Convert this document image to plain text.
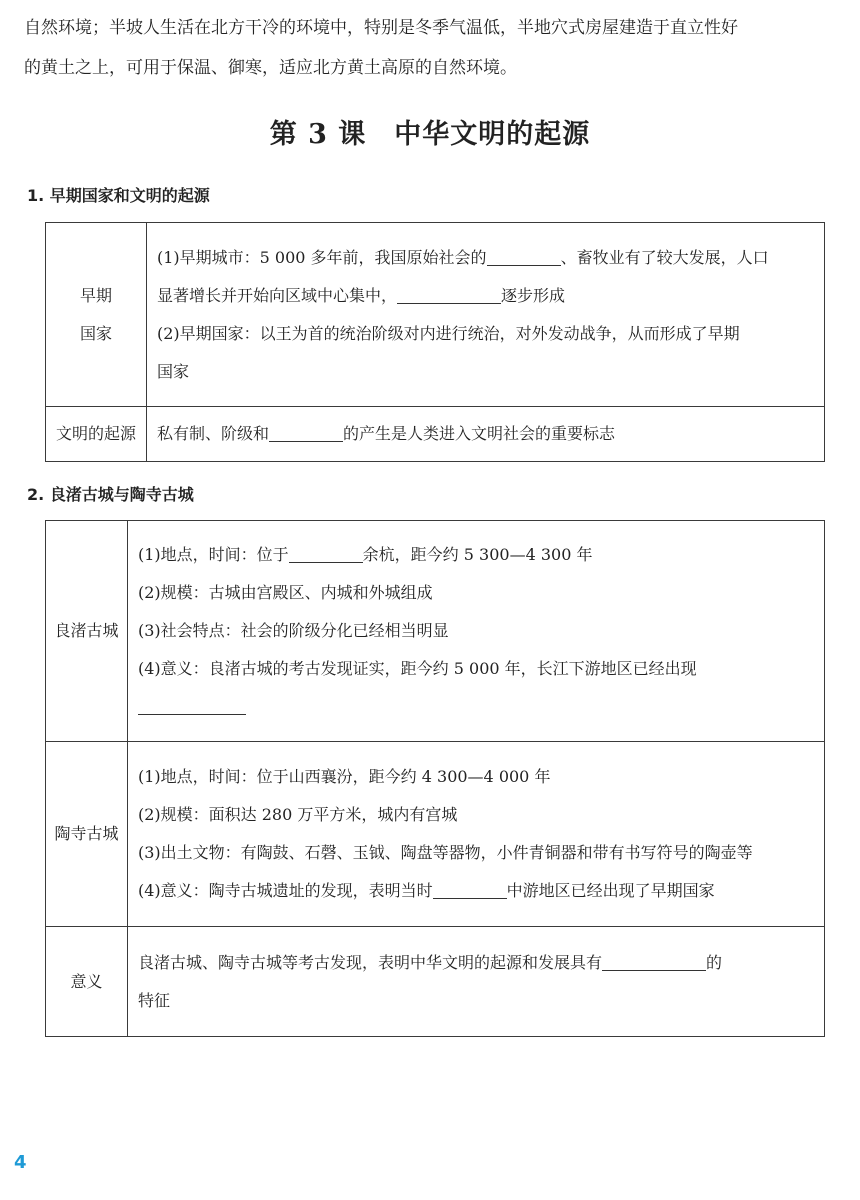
自然环境；半坡人生活在北方干冷的环境中，特别是冬季气温低，半地穴式房屋建造于直立性好
的黄土之上，可用于保温、御寒，适应北方黄土高原的自然环境。
第 3 课　中华文明的起源
1. 早期国家和文明的起源
早期
国家	(1)早期城市：5 000 多年前，我国原始社会的 、畜牧业有了较大发展，人口
显著增长并开始向区域中心集中， 逐步形成
(2)早期国家：以王为首的统治阶级对内进行统治，对外发动战争，从而形成了早期
国家
文明的起源	私有制、阶级和 的产生是人类进入文明社会的重要标志
2. 良渚古城与陶寺古城
良渚古城	(1)地点，时间：位于 余杭，距今约 5 300—4 300 年
(2)规模：古城由宫殿区、内城和外城组成
(3)社会特点：社会的阶级分化已经相当明显
(4)意义：良渚古城的考古发现证实，距今约 5 000 年，长江下游地区已经出现

陶寺古城	(1)地点，时间：位于山西襄汾，距今约 4 300—4 000 年
(2)规模：面积达 280 万平方米，城内有宫城
(3)出土文物：有陶鼓、石磬、玉钺、陶盘等器物，小件青铜器和带有书写符号的陶壶等
(4)意义：陶寺古城遗址的发现，表明当时 中游地区已经出现了早期国家
意义	良渚古城、陶寺古城等考古发现，表明中华文明的起源和发展具有 的
特征
4
